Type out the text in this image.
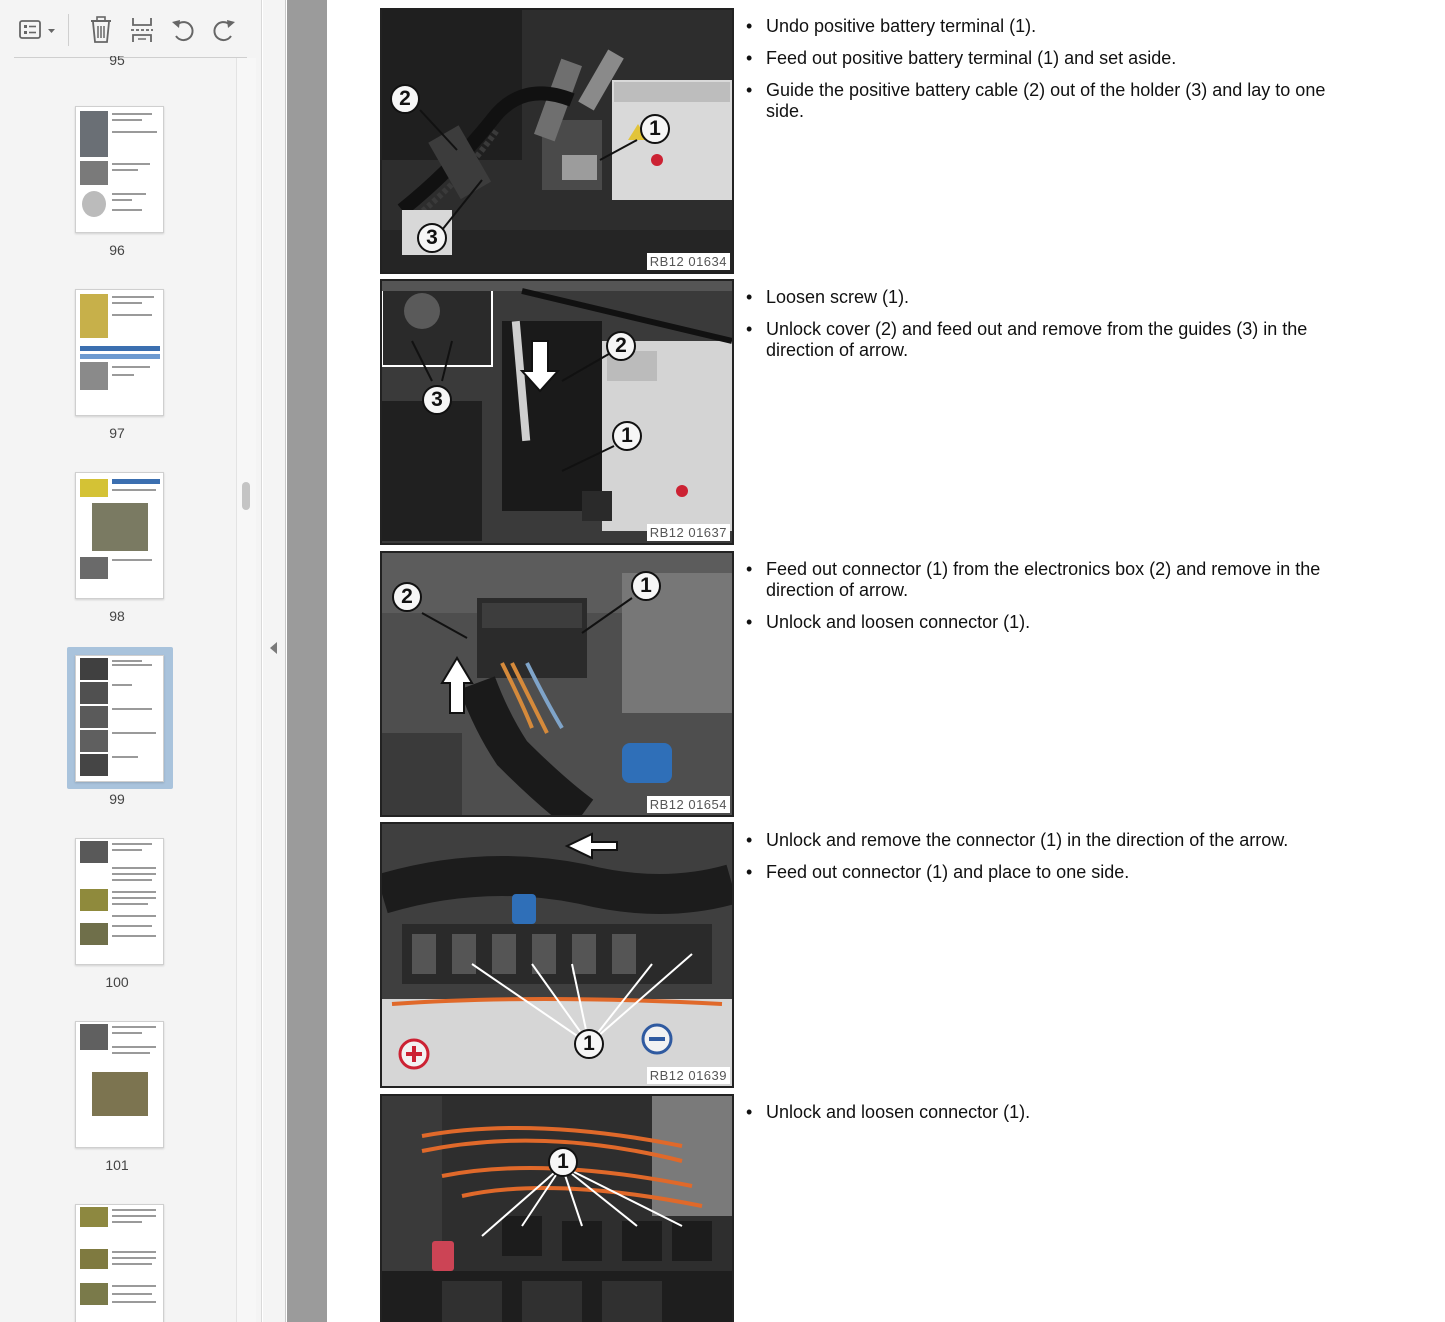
95
96
97
98
99
100
101
1
2
3
RB12 01634
• Undo positive battery terminal (1).
• Feed out positive battery terminal (1) and set aside.
• Guide the positive battery cable (2) out of the holder (3) and lay to one side.
2
1
3
RB12 01637
• Loosen screw (1).
• Unlock cover (2) and feed out and remove from the guides (3) in the direction of arrow.
2	1
RB12 01654
• Feed out connector (1) from the electronics box (2) and remove in the direction of arrow.
• Unlock and loosen connector (1).
1
RB12 01639
• Unlock and remove the connector (1) in the direction of the arrow.
• Feed out connector (1) and place to one side.
1
• Unlock and loosen connector (1).
